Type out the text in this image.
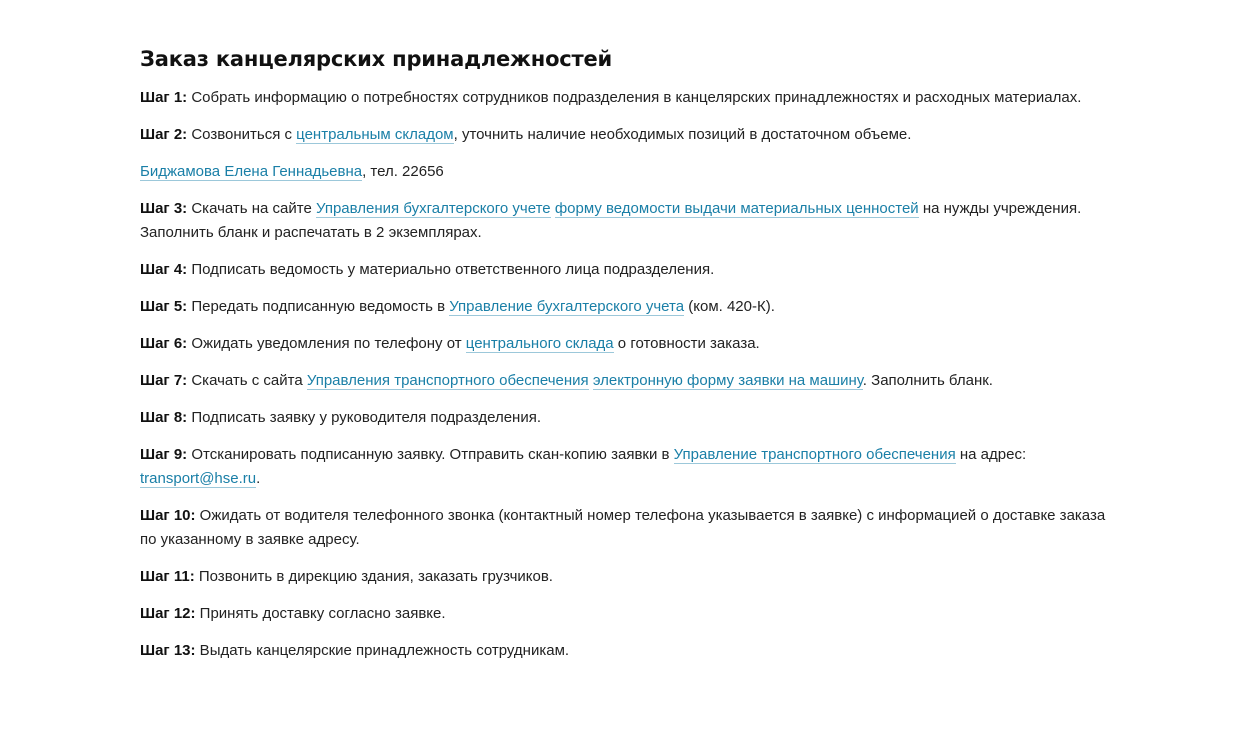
Заказ канцелярских принадлежностей

Шаг 1: Собрать информацию о потребностях сотрудников подразделения в канцелярских принадлежностях и расходных материалах.

Шаг 2: Созвониться с центральным складом, уточнить наличие необходимых позиций в достаточном объеме.

Биджамова Елена Геннадьевна, тел. 22656

Шаг 3: Скачать на сайте Управления бухгалтерского учете форму ведомости выдачи материальных ценностей на нужды учреждения. Заполнить бланк и распечатать в 2 экземплярах.

Шаг 4: Подписать ведомость у материально ответственного лица подразделения.

Шаг 5: Передать подписанную ведомость в Управление бухгалтерского учета (ком. 420-К).

Шаг 6: Ожидать уведомления по телефону от центрального склада о готовности заказа.

Шаг 7: Скачать с сайта Управления транспортного обеспечения электронную форму заявки на машину. Заполнить бланк.

Шаг 8: Подписать заявку у руководителя подразделения.

Шаг 9: Отсканировать подписанную заявку. Отправить скан-копию заявки в Управление транспортного обеспечения на адрес: transport@hse.ru.

Шаг 10: Ожидать от водителя телефонного звонка (контактный номер телефона указывается в заявке) с информацией о доставке заказа по указанному в заявке адресу.

Шаг 11: Позвонить в дирекцию здания, заказать грузчиков.

Шаг 12: Принять доставку согласно заявке.

Шаг 13: Выдать канцелярские принадлежность сотрудникам.
